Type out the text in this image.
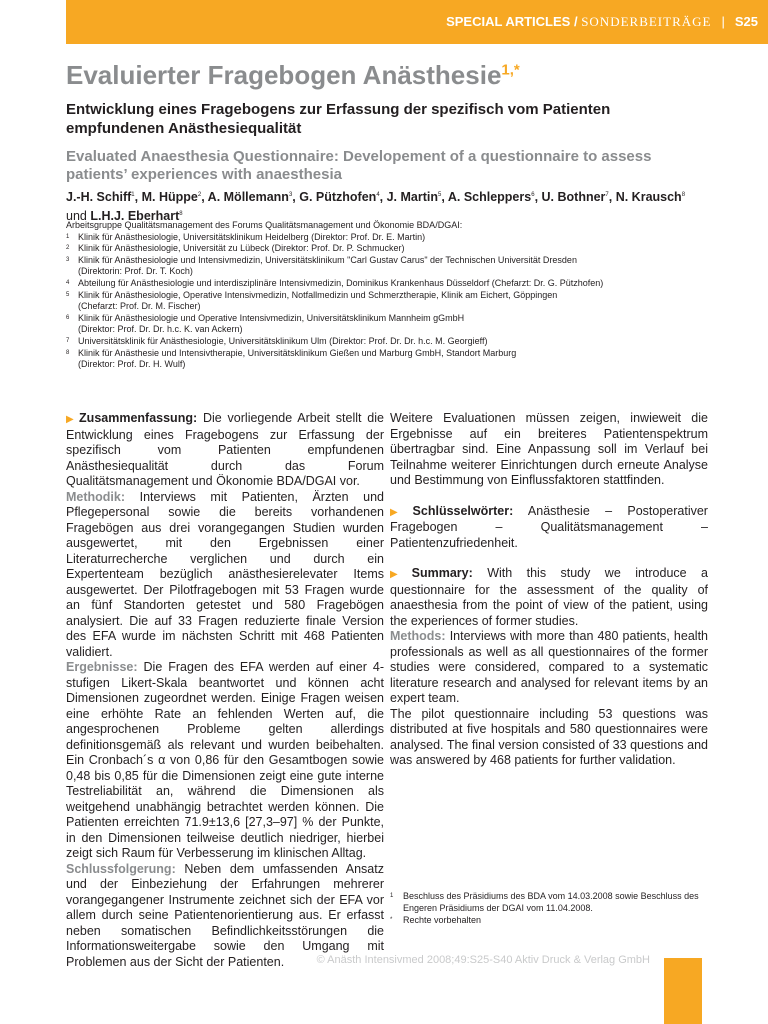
SPECIAL ARTICLES / SONDERBEITRÄGE | S25
Evaluierter Fragebogen Anästhesie$^{1,*}$
Entwicklung eines Fragebogens zur Erfassung der spezifisch vom Patienten empfundenen Anästhesiequalität
Evaluated Anaesthesia Questionnaire: Developement of a questionnaire to assess patients’ experiences with anaesthesia
J.-H. Schiff$^1$, M. Hüppe$^2$, A. Möllemann$^3$, G. Pützhofen$^4$, J. Martin$^5$, A. Schleppers$^6$, U. Bothner$^7$, N. Krausch$^8$ und L.H.J. Eberhart$^8$
Arbeitsgruppe Qualitätsmanagement des Forums Qualitätsmanagement und Ökonomie BDA/DGAI:
1 Klinik für Anästhesiologie, Universitätsklinikum Heidelberg (Direktor: Prof. Dr. E. Martin)
2 Klinik für Anästhesiologie, Universität zu Lübeck (Direktor: Prof. Dr. P. Schmucker)
3 Klinik für Anästhesiologie und Intensivmedizin, Universitätsklinikum "Carl Gustav Carus" der Technischen Universität Dresden
(Direktorin: Prof. Dr. T. Koch)
4 Abteilung für Anästhesiologie und interdisziplinäre Intensivmedizin, Dominikus Krankenhaus Düsseldorf (Chefarzt: Dr. G. Pützhofen)
5 Klinik für Anästhesiologie, Operative Intensivmedizin, Notfallmedizin und Schmerztherapie, Klinik am Eichert, Göppingen
(Chefarzt: Prof. Dr. M. Fischer)
6 Klinik für Anästhesiologie und Operative Intensivmedizin, Universitätsklinikum Mannheim gGmbH
(Direktor: Prof. Dr. Dr. h.c. K. van Ackern)
7 Universitätsklinik für Anästhesiologie, Universitätsklinikum Ulm (Direktor: Prof. Dr. Dr. h.c. M. Georgieff)
8 Klinik für Anästhesie und Intensivtherapie, Universitätsklinikum Gießen und Marburg GmbH, Standort Marburg
(Direktor: Prof. Dr. H. Wulf)

▶ Zusammenfassung: Die vorliegende Arbeit stellt die Entwicklung eines Fragebogens zur Erfassung der spezifisch vom Patienten empfundenen Anästhesiequalität durch das Forum Qualitätsmanagement und Ökonomie BDA/DGAI vor.

Methodik: Interviews mit Patienten, Ärzten und Pflegepersonal sowie die bereits vorhandenen Fragebögen aus drei vorangegangen Studien wurden ausgewertet, mit den Ergebnissen einer Literaturrecherche verglichen und durch ein Expertenteam bezüglich anästhesierelevater Items ausgewertet. Der Pilotfragebogen mit 53 Fragen wurde an fünf Standorten getestet und 580 Fragebögen analysiert. Die auf 33 Fragen reduzierte finale Version des EFA wurde im nächsten Schritt mit 468 Patienten validiert.

Ergebnisse: Die Fragen des EFA werden auf einer 4-stufigen Likert-Skala beantwortet und können acht Dimensionen zugeordnet werden. Einige Fragen weisen eine erhöhte Rate an fehlenden Werten auf, die angesprochenen Probleme gelten allerdings definitionsgemäß als relevant und wurden beibehalten. Ein Cronbach´s α von 0,86 für den Gesamtbogen sowie 0,48 bis 0,85 für die Dimensionen zeigt eine gute interne Testreliabilität an, während die Dimensionen als weitgehend unabhängig betrachtet werden können. Die Patienten erreichten 71.9±13,6 [27,3–97] % der Punkte, in den Dimensionen teilweise deutlich niedriger, hierbei zeigt sich Raum für Verbesserung im klinischen Alltag.

Schlussfolgerung: Neben dem umfassenden Ansatz und der Einbeziehung der Erfahrungen mehrerer vorangegangener Instrumente zeichnet sich der EFA vor allem durch seine Patientenorientierung aus. Er erfasst neben somatischen Befindlichkeitsstörungen die Informationsweitergabe sowie den Umgang mit Problemen aus der Sicht der Patienten.

Weitere Evaluationen müssen zeigen, inwieweit die Ergebnisse auf ein breiteres Patientenspektrum übertragbar sind. Eine Anpassung soll im Verlauf bei Teilnahme weiterer Einrichtungen durch erneute Analyse und Bestimmung von Einflussfaktoren stattfinden.

▶ Schlüsselwörter: Anästhesie – Postoperativer Fragebogen – Qualitätsmanagement – Patientenzufriedenheit.

▶ Summary: With this study we introduce a questionnaire for the assessment of the quality of anaesthesia from the point of view of the patient, using the experiences of former studies.

Methods: Interviews with more than 480 patients, health professionals as well as all questionnaires of the former studies were considered, compared to a systematic literature research and analysed for relevant items by an expert team.

The pilot questionnaire including 53 questions was distributed at five hospitals and 580 questionnaires were analysed. The final version consisted of 33 questions and was answered by 468 patients for further validation.

1 Beschluss des Präsidiums des BDA vom 14.03.2008 sowie Beschluss des Engeren Präsidiums der DGAI vom 11.04.2008.
* Rechte vorbehalten
© Anästh Intensivmed 2008;49:S25-S40 Aktiv Druck & Verlag GmbH
